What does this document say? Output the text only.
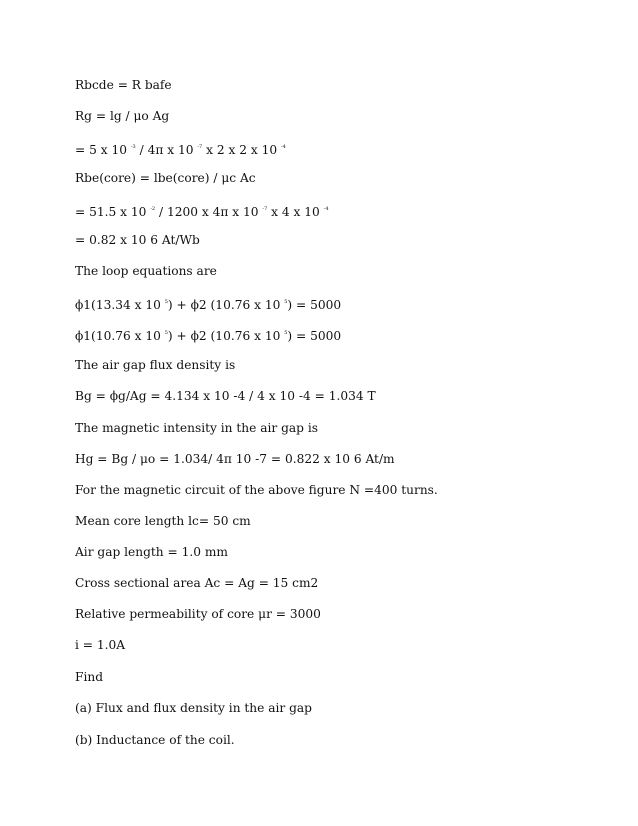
Rbcde = R bafe
Rg = lg / μo Ag
= 5 x 10 $^{-3}$ / 4π x 10 $^{-7}$ x 2 x 2 x 10 $^{-4}$
Rbe(core) = lbe(core) / μc Ac
= 51.5 x 10 $^{-2}$ / 1200 x 4π x 10 $^{-7}$ x 4 x 10 $^{-4}$
= 0.82 x 10 6 At/Wb
The loop equations are
ϕ1(13.34 x 10 $^5$) + ϕ2 (10.76 x 10 $^5$) = 5000
ϕ1(10.76 x 10 $^5$) + ϕ2 (10.76 x 10 $^5$) = 5000
The air gap flux density is
Bg = ϕg/Ag = 4.134 x 10 -4 / 4 x 10 -4 = 1.034 T
The magnetic intensity in the air gap is
Hg = Bg / μo = 1.034/ 4π 10 -7 = 0.822 x 10 6 At/m
For the magnetic circuit of the above figure N =400 turns.
Mean core length lc= 50 cm
Air gap length = 1.0 mm
Cross sectional area Ac = Ag = 15 cm2
Relative permeability of core μr = 3000
i = 1.0A
Find
(a) Flux and flux density in the air gap
(b) Inductance of the coil.
